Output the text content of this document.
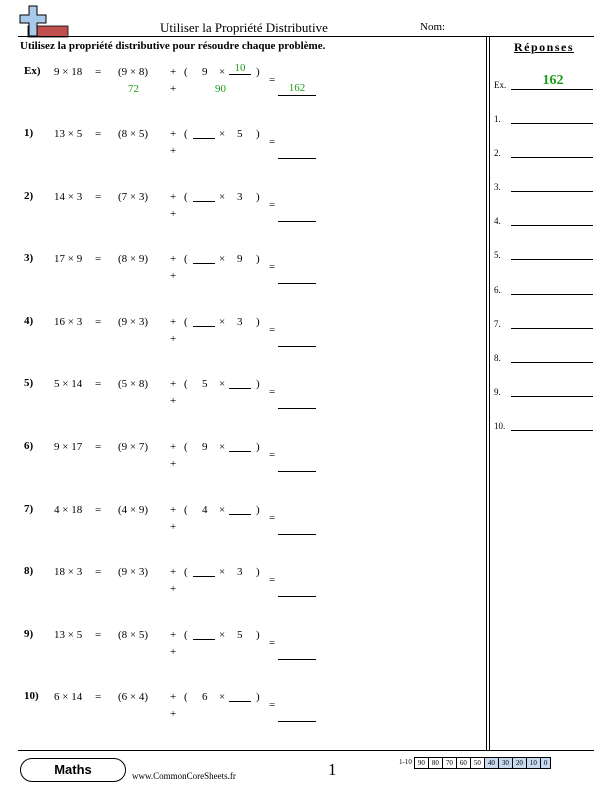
Utiliser la Propriété Distributive	Nom:
Utilisez la propriété distributive pour résoudre chaque problème.	Réponses
Ex) 9 × 18 = (9 × 8) + ( 9 × 10 )
72	+	90
=
162
1) 13 × 5 = (8 × 5) + (	× 5 )
+
=
2) 14 × 3 = (7 × 3) + (	× 3 )
+
=
3) 17 × 9 = (8 × 9) + (	× 9 )
+
=
4) 16 × 3 = (9 × 3) + (	× 3 )
+
=
5) 5 × 14 = (5 × 8) + ( 5 ×	)
+
=
6) 9 × 17 = (9 × 7) + ( 9 ×	)
+
=
7) 4 × 18 = (4 × 9) + ( 4 ×	)
+
=
8) 18 × 3 = (9 × 3) + (	× 3 )
+
=
9) 13 × 5 = (8 × 5) + (	× 5 )
+
=
10) 6 × 14 = (6 × 4) + ( 6 ×	)
+
=
Ex.	162
1.
2.
3.
4.
5.
6.
7.
8.
9.
10.
Maths	www.CommonCoreSheets.fr	1	1-10 90	80	70	60	50	40	30	20	10	0
